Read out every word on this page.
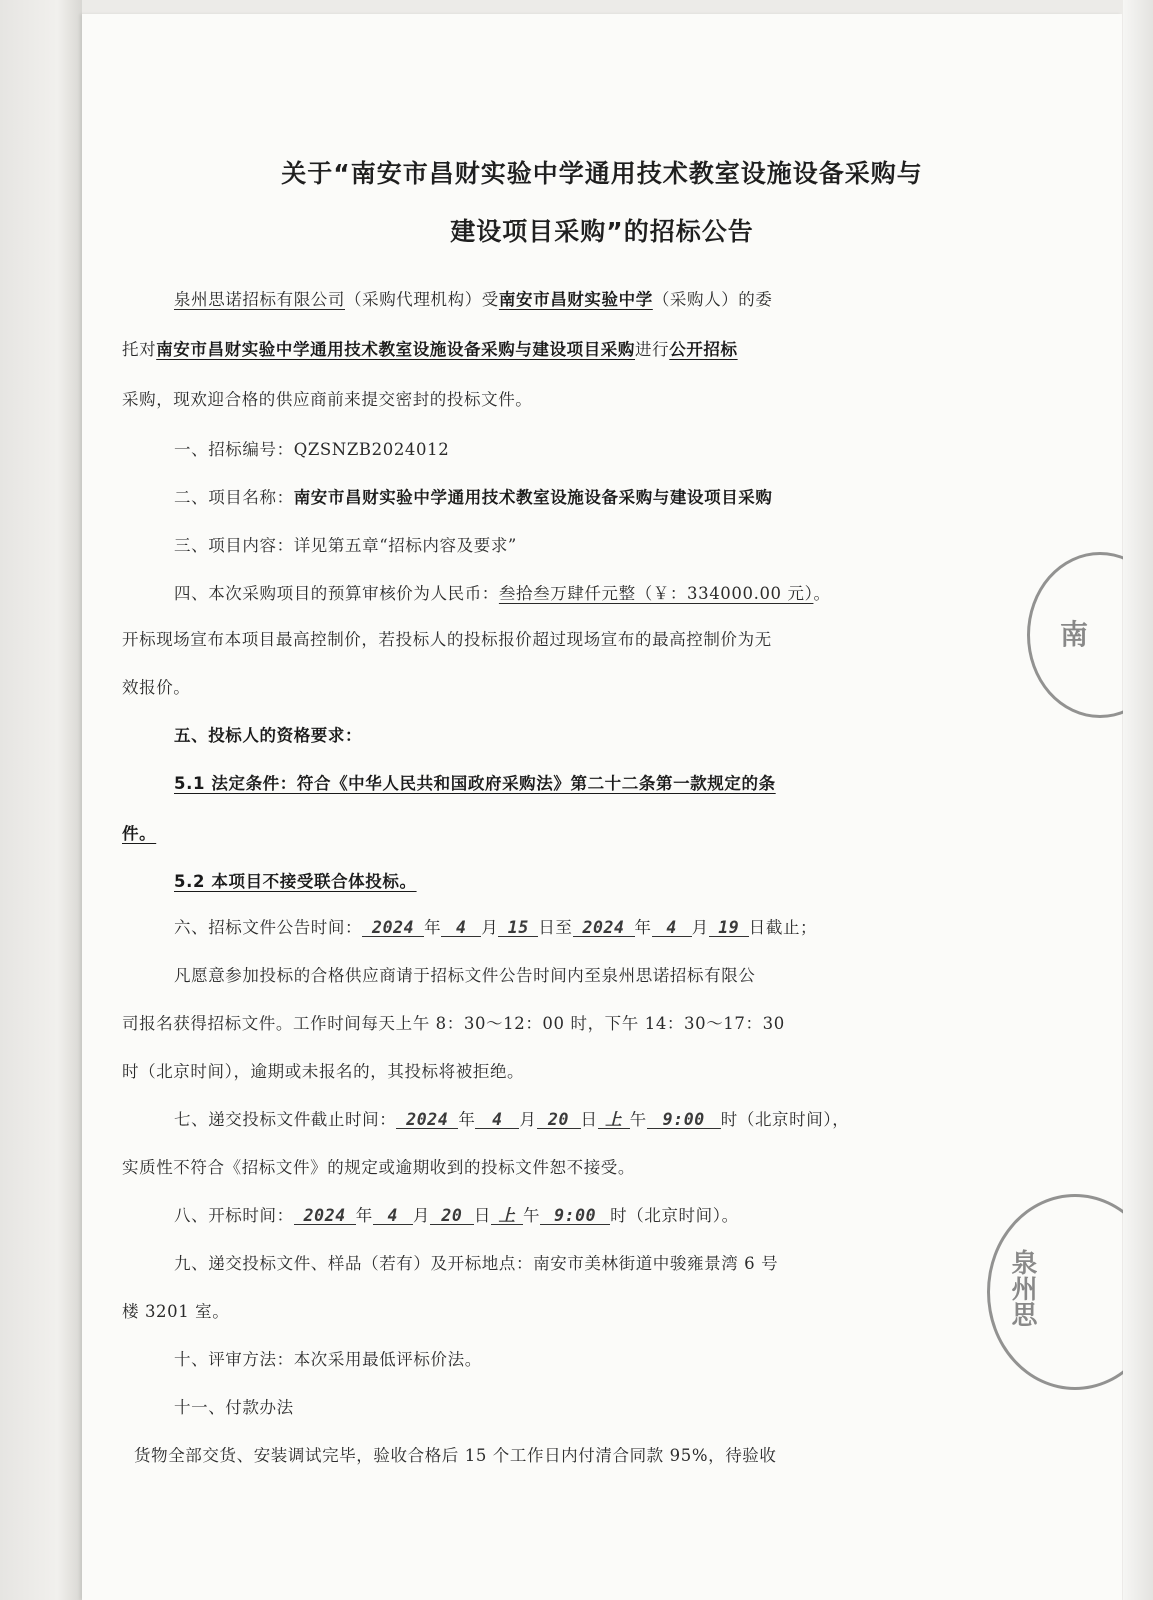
关于“南安市昌财实验中学通用技术教室设施设备采购与
建设项目采购”的招标公告
泉州思诺招标有限公司（采购代理机构）受南安市昌财实验中学（采购人）的委
托对南安市昌财实验中学通用技术教室设施设备采购与建设项目采购进行公开招标
采购，现欢迎合格的供应商前来提交密封的投标文件。
一、招标编号：QZSNZB2024012
二、项目名称：南安市昌财实验中学通用技术教室设施设备采购与建设项目采购
三、项目内容：详见第五章“招标内容及要求”
四、本次采购项目的预算审核价为人民币：叁拾叁万肆仟元整（￥：334000.00 元）。
开标现场宣布本项目最高控制价，若投标人的投标报价超过现场宣布的最高控制价为无
效报价。
五、投标人的资格要求：
5.1 法定条件：符合《中华人民共和国政府采购法》第二十二条第一款规定的条
件。
5.2 本项目不接受联合体投标。
六、招标文件公告时间： 2024 年 4 月 15 日至 2024 年 4 月 19 日截止；
凡愿意参加投标的合格供应商请于招标文件公告时间内至泉州思诺招标有限公
司报名获得招标文件。工作时间每天上午 8：30～12：00 时，下午 14：30～17：30
时（北京时间），逾期或未报名的，其投标将被拒绝。
七、递交投标文件截止时间： 2024 年 4 月 20 日 上 午 9:00 时（北京时间），
实质性不符合《招标文件》的规定或逾期收到的投标文件恕不接受。
八、开标时间： 2024 年 4 月 20 日 上 午 9:00 时（北京时间）。
九、递交投标文件、样品（若有）及开标地点：南安市美林街道中骏雍景湾 6 号
楼 3201 室。
十、评审方法：本次采用最低评标价法。
十一、付款办法
货物全部交货、安装调试完毕，验收合格后 15 个工作日内付清合同款 95%，待验收
南
泉州思
